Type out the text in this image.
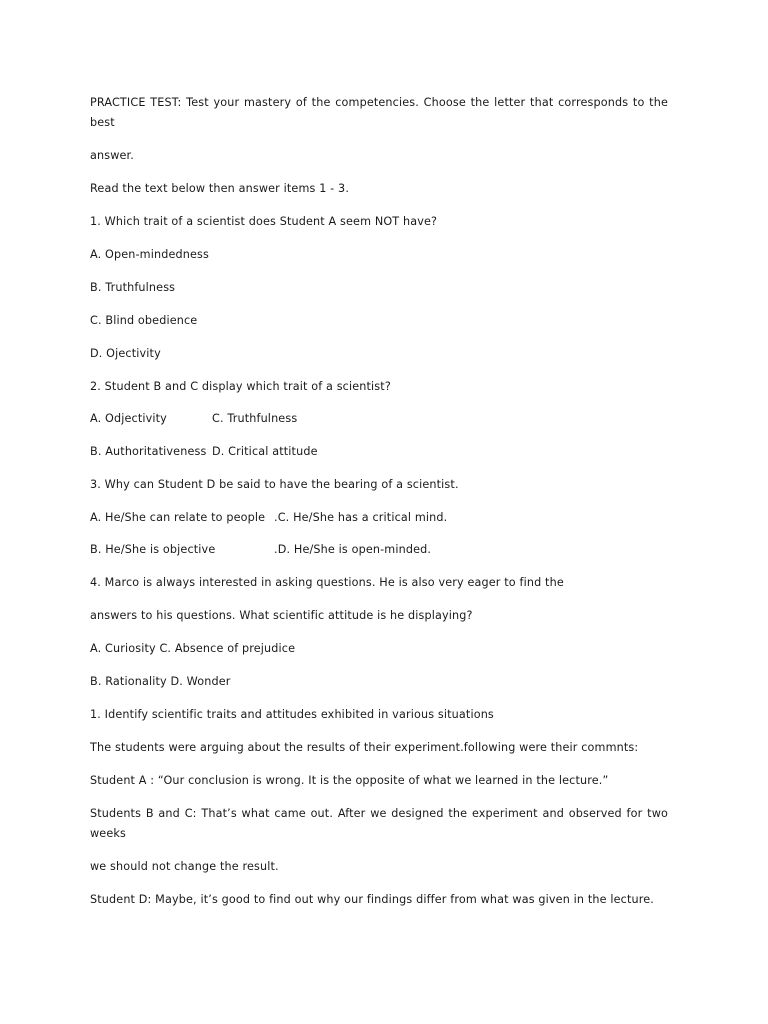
PRACTICE TEST: Test your mastery of the competencies. Choose the letter that corresponds to the
best
answer.
Read the text below then answer items 1 - 3.
1. Which trait of a scientist does Student A seem NOT have?
A. Open-mindedness
B. Truthfulness
C. Blind obedience
D. Ojectivity
2. Student B and C display which trait of a scientist?
A. Odjectivity	C. Truthfulness
B. Authoritativeness D. Critical attitude
3. Why can Student D be said to have the bearing of a scientist.
A. He/She can relate to people .C. He/She has a critical mind.
B. He/She is objective	.D. He/She is open-minded.
4. Marco is always interested in asking questions. He is also very eager to find the
answers to his questions. What scientific attitude is he displaying?
A. Curiosity C. Absence of prejudice
B. Rationality D. Wonder
1. Identify scientific traits and attitudes exhibited in various situations
The students were arguing about the results of their experiment.following were their commnts:
Student A : “Our conclusion is wrong. It is the opposite of what we learned in the lecture.”
Students B and C: That’s what came out. After we designed the experiment and observed for two
weeks
we should not change the result.
Student D: Maybe, it’s good to find out why our findings differ from what was given in the lecture.
